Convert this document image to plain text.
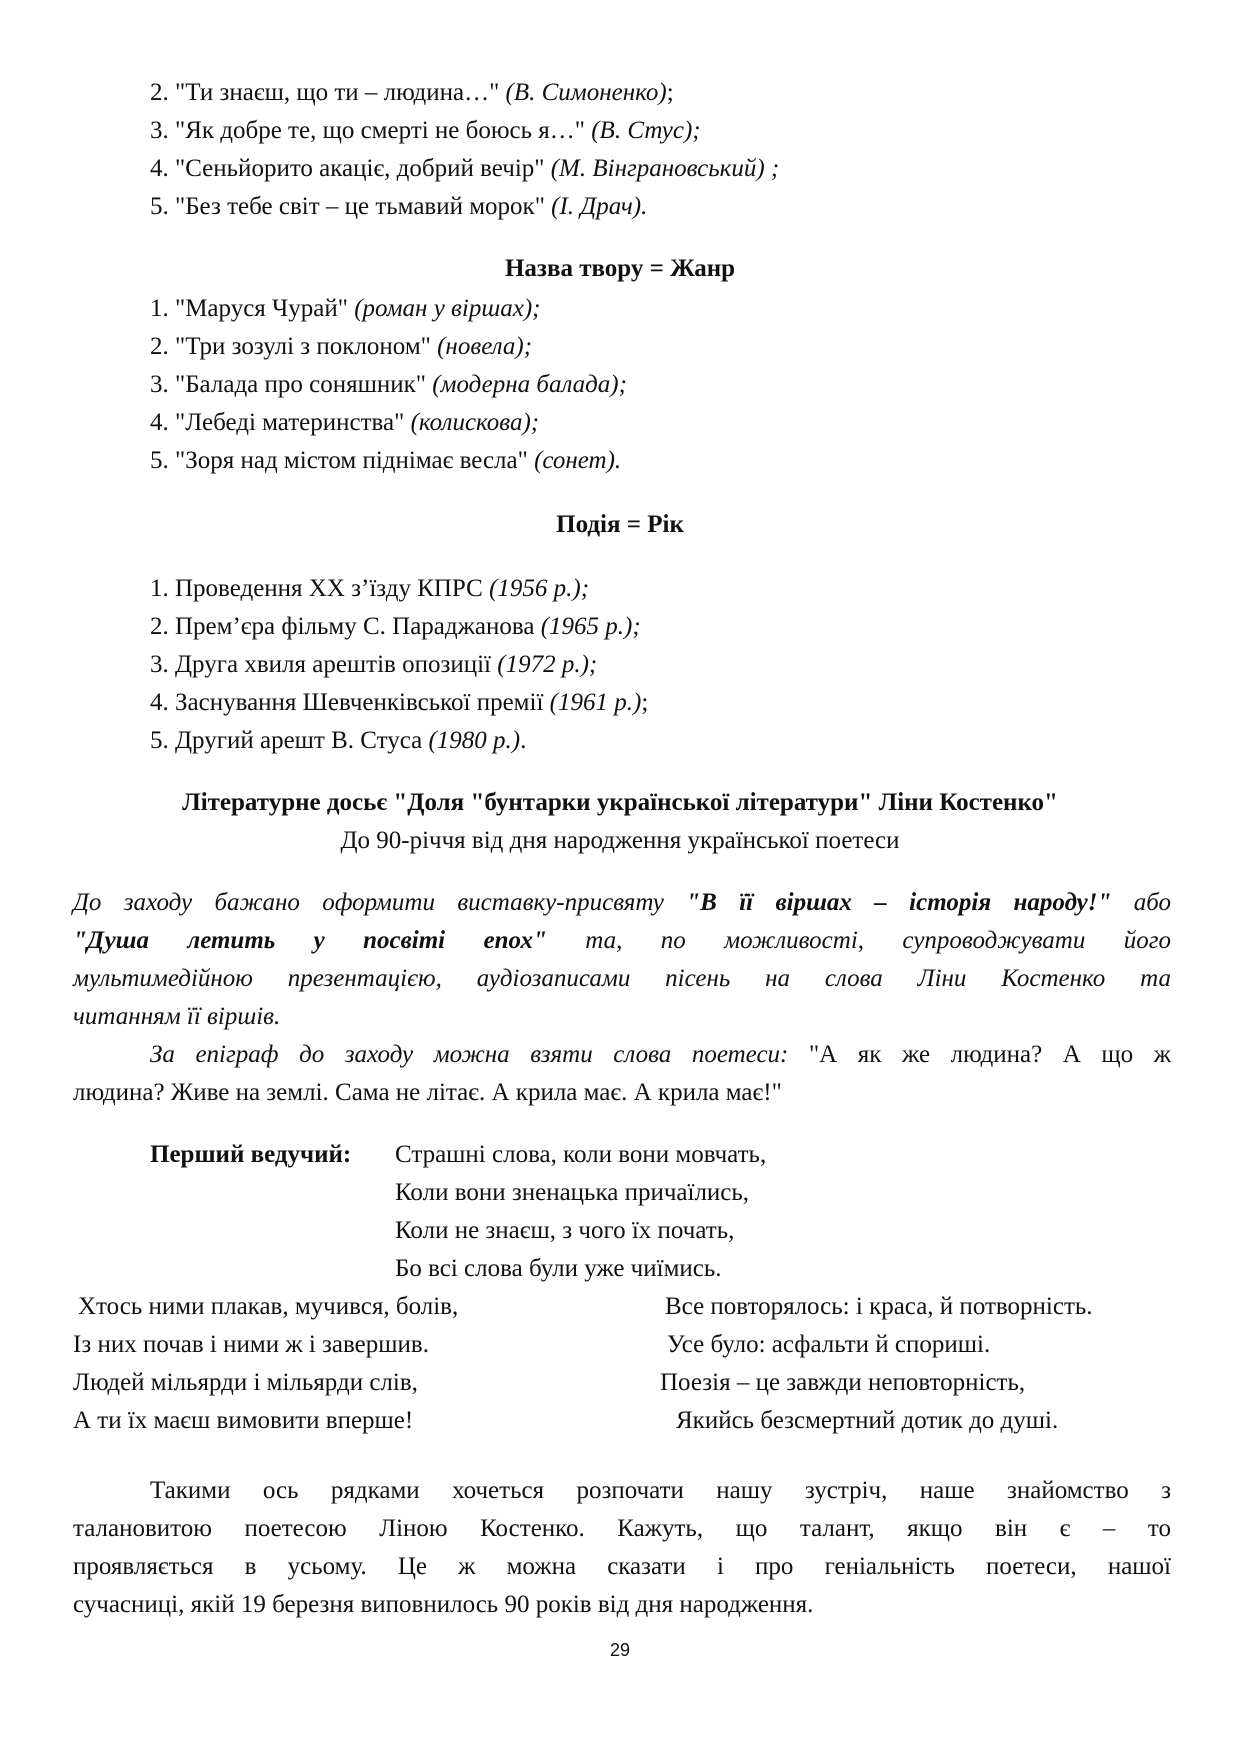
2. "Ти знаєш, що ти – людина…" (В. Симоненко);
3. "Як добре те, що смерті не боюсь я…" (В. Стус);
4. "Сеньйорито акацiє, добрий вечiр" (М. Вінграновський) ;
5. "Без тебе світ – це тьмавий морок" (І. Драч).
Назва твору = Жанр
1. "Маруся Чурай" (роман у віршах);
2. "Три зозулі з поклоном" (новела);
3. "Балада про соняшник" (модерна балада);
4. "Лебеді материнства" (колискова);
5. "Зоря над містом піднімає весла" (сонет).
Подія = Рік
1. Проведення ХХ з’їзду КПРС (1956 р.);
2. Прем’єра фільму С. Параджанова (1965 р.);
3. Друга хвиля арештів опозиції (1972 р.);
4. Заснування Шевченківської премії (1961 р.);
5. Другий арешт В. Стуса (1980 р.).
Літературне досьє "Доля "бунтарки української літератури" Ліни Костенко"
До 90-річчя від дня народження української поетеси
До заходу бажано оформити виставку-присвяту "В її віршах – історія народу!" або
"Душа летить у посвіті епох" та, по можливості, супроводжувати його
мультимедійною презентацією, аудіозаписами пісень на слова Ліни Костенко та
читанням її віршів.
За епіграф до заходу можна взяти слова поетеси: "А як же людина? А що ж
людина? Живе на землі. Сама не літає. А крила має. А крила має!"
Перший ведучий: Страшні слова, коли вони мовчать,
Коли вони зненацька причаїлись,
Коли не знаєш, з чого їх почать,
Бо всі слова були уже чиїмись.
Хтось ними плакав, мучився, болів,
Із них почав і ними ж і завершив.
Людей мільярди і мільярди слів,
А ти їх маєш вимовити вперше!
Все повторялось: і краса, й потворність.
Усе було: асфальти й спориші.
Поезія – це завжди неповторність,
Якийсь безсмертний дотик до душі.
Такими ось рядками хочеться розпочати нашу зустріч, наше знайомство з
талановитою поетесою Ліною Костенко. Кажуть, що талант, якщо він є – то
проявляється в усьому. Це ж можна сказати і про геніальність поетеси, нашої
сучасниці, якій 19 березня виповнилось 90 років від дня народження.
29
